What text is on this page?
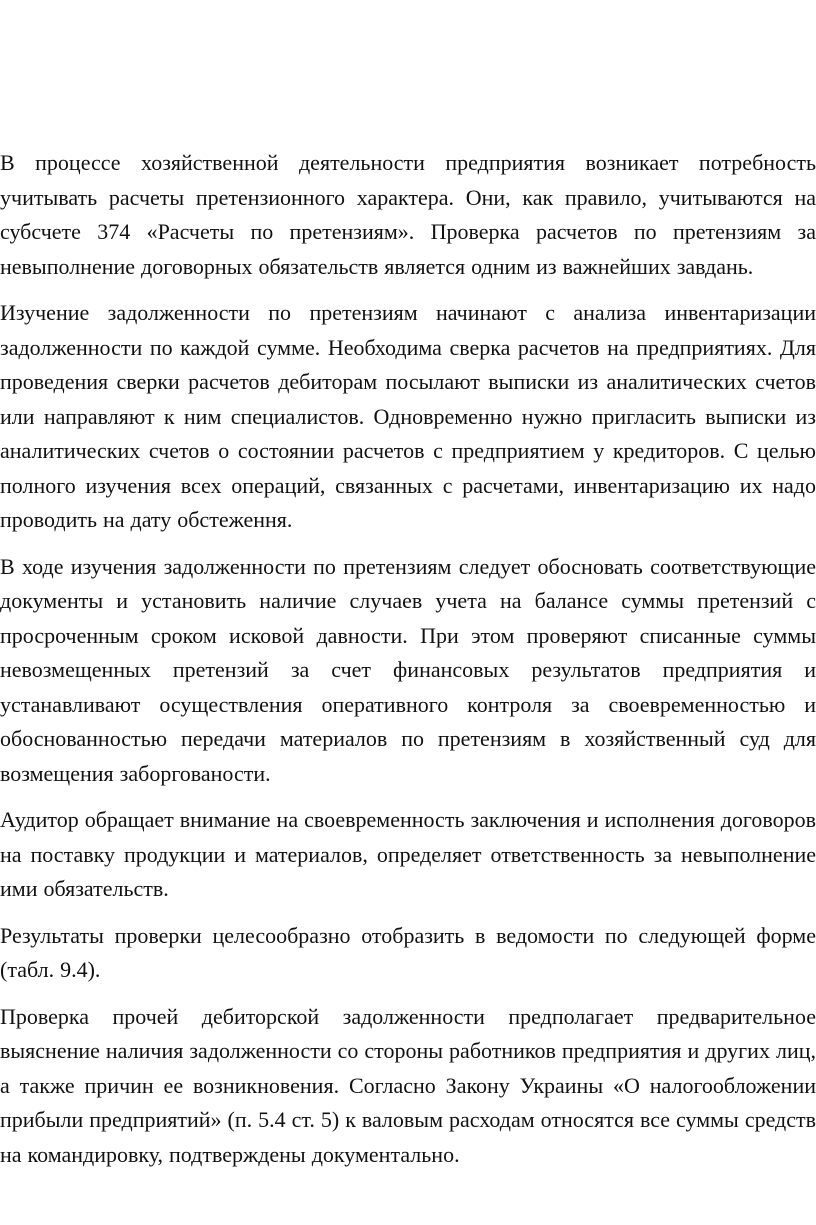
В процессе хозяйственной деятельности предприятия возникает потребность учитывать расчеты претензионного характера. Они, как правило, учитываются на субсчете 374 «Расчеты по претензиям». Проверка расчетов по претензиям за невыполнение договорных обязательств является одним из важнейших завдань.

Изучение задолженности по претензиям начинают с анализа инвентаризации задолженности по каждой сумме. Необходима сверка расчетов на предприятиях. Для проведения сверки расчетов дебиторам посылают выписки из аналитических счетов или направляют к ним специалистов. Одновременно нужно пригласить выписки из аналитических счетов о состоянии расчетов с предприятием у кредиторов. С целью полного изучения всех операций, связанных с расчетами, инвентаризацию их надо проводить на дату обстеження.

В ходе изучения задолженности по претензиям следует обосновать соответствующие документы и установить наличие случаев учета на балансе суммы претензий с просроченным сроком исковой давности. При этом проверяют списанные суммы невозмещенных претензий за счет финансовых результатов предприятия и устанавливают осуществления оперативного контроля за своевременностью и обоснованностью передачи материалов по претензиям в хозяйственный суд для возмещения заборгованости.

Аудитор обращает внимание на своевременность заключения и исполнения договоров на поставку продукции и материалов, определяет ответственность за невыполнение ими обязательств.

Результаты проверки целесообразно отобразить в ведомости по следующей форме (табл. 9.4).

Проверка прочей дебиторской задолженности предполагает предварительное выяснение наличия задолженности со стороны работников предприятия и других лиц, а также причин ее возникновения. Согласно Закону Украины «О налогообложении прибыли предприятий» (п. 5.4 ст. 5) к валовым расходам относятся все суммы средств на командировку, подтверждены документально.
